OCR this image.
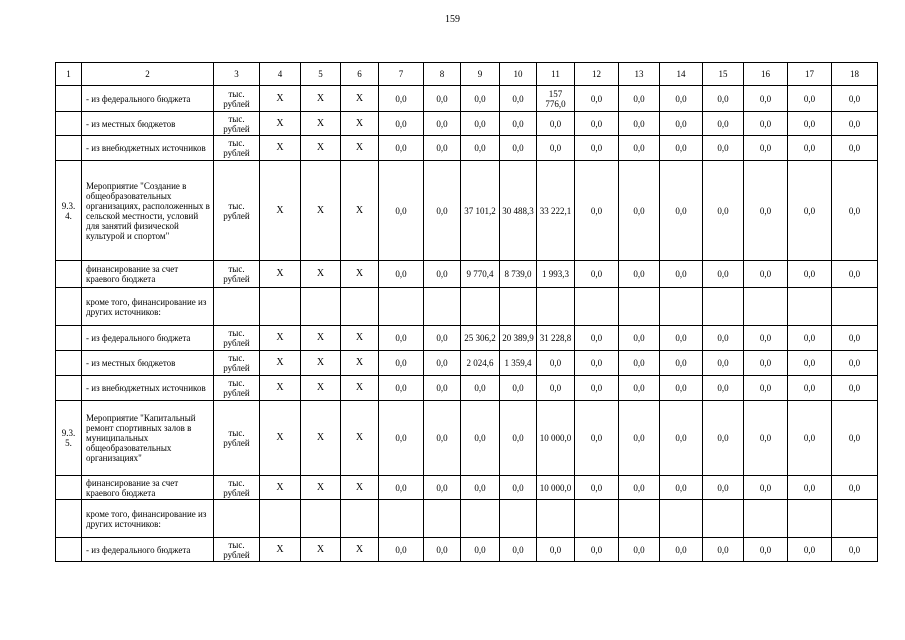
159
1	2	3	4	5	6	7	8	9	10	11	12	13	14	15	16	17	18
	- из федерального бюджета	тыс. рублей	X	X	X	0,0	0,0	0,0	0,0	157 776,0	0,0	0,0	0,0	0,0	0,0	0,0	0,0
	- из местных бюджетов	тыс. рублей	X	X	X	0,0	0,0	0,0	0,0	0,0	0,0	0,0	0,0	0,0	0,0	0,0	0,0
	- из внебюджетных источников	тыс. рублей	X	X	X	0,0	0,0	0,0	0,0	0,0	0,0	0,0	0,0	0,0	0,0	0,0	0,0
9.3. 4.	Мероприятие "Создание в общеобразовательных организациях, расположенных в сельской местности, условий для занятий физической культурой и спортом"	тыс. рублей	X	X	X	0,0	0,0	37 101,2	30 488,3	33 222,1	0,0	0,0	0,0	0,0	0,0	0,0	0,0
	финансирование за счет краевого бюджета	тыс. рублей	X	X	X	0,0	0,0	9 770,4	8 739,0	1 993,3	0,0	0,0	0,0	0,0	0,0	0,0	0,0
	кроме того, финансирование из других источников:																
	- из федерального бюджета	тыс. рублей	X	X	X	0,0	0,0	25 306,2	20 389,9	31 228,8	0,0	0,0	0,0	0,0	0,0	0,0	0,0
	- из местных бюджетов	тыс. рублей	X	X	X	0,0	0,0	2 024,6	1 359,4	0,0	0,0	0,0	0,0	0,0	0,0	0,0	0,0
	- из внебюджетных источников	тыс. рублей	X	X	X	0,0	0,0	0,0	0,0	0,0	0,0	0,0	0,0	0,0	0,0	0,0	0,0
9.3. 5.	Мероприятие "Капитальный ремонт спортивных залов в муниципальных общеобразовательных организациях"	тыс. рублей	X	X	X	0,0	0,0	0,0	0,0	10 000,0	0,0	0,0	0,0	0,0	0,0	0,0	0,0
	финансирование за счет краевого бюджета	тыс. рублей	X	X	X	0,0	0,0	0,0	0,0	10 000,0	0,0	0,0	0,0	0,0	0,0	0,0	0,0
	кроме того, финансирование из других источников:																
	- из федерального бюджета	тыс. рублей	X	X	X	0,0	0,0	0,0	0,0	0,0	0,0	0,0	0,0	0,0	0,0	0,0	0,0
